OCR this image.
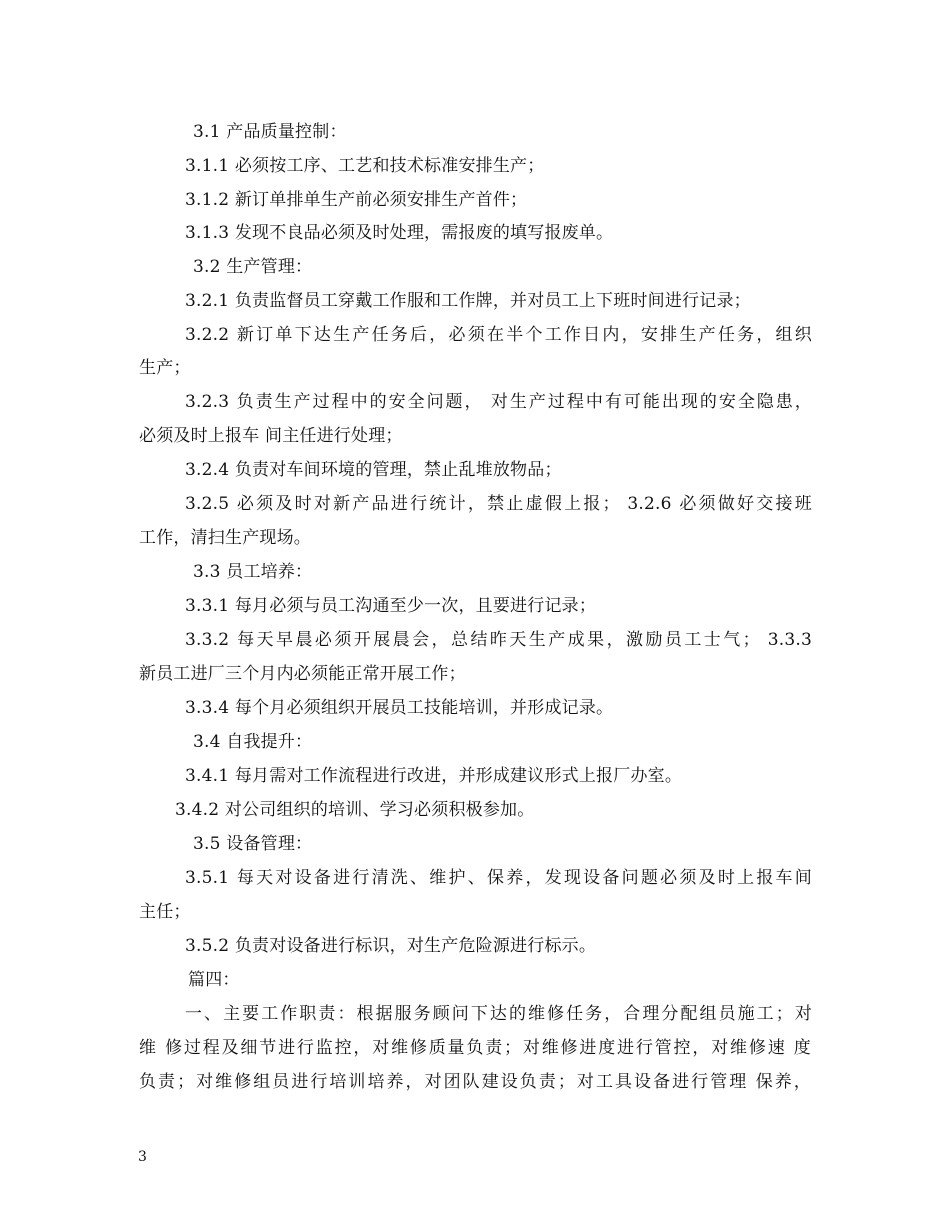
3.1 产品质量控制：
3.1.1 必须按工序、工艺和技术标准安排生产；
3.1.2 新订单排单生产前必须安排生产首件；
3.1.3 发现不良品必须及时处理，需报废的填写报废单。
3.2 生产管理：
3.2.1 负责监督员工穿戴工作服和工作牌，并对员工上下班时间进行记录；
3.2.2 新订单下达生产任务后，必须在半个工作日内，安排生产任务，组织
生产；
3.2.3 负责生产过程中的安全问题， 对生产过程中有可能出现的安全隐患，
必须及时上报车 间主任进行处理；
3.2.4 负责对车间环境的管理，禁止乱堆放物品；
3.2.5 必须及时对新产品进行统计，禁止虚假上报； 3.2.6 必须做好交接班
工作，清扫生产现场。
3.3 员工培养：
3.3.1 每月必须与员工沟通至少一次，且要进行记录；
3.3.2 每天早晨必须开展晨会，总结昨天生产成果，激励员工士气； 3.3.3
新员工进厂三个月内必须能正常开展工作；
3.3.4 每个月必须组织开展员工技能培训，并形成记录。
3.4 自我提升：
3.4.1 每月需对工作流程进行改进，并形成建议形式上报厂办室。
3.4.2 对公司组织的培训、学习必须积极参加。
3.5 设备管理：
3.5.1 每天对设备进行清洗、维护、保养，发现设备问题必须及时上报车间
主任；
3.5.2 负责对设备进行标识，对生产危险源进行标示。
篇四：
一、主要工作职责：根据服务顾问下达的维修任务，合理分配组员施工；对
维 修过程及细节进行监控，对维修质量负责；对维修进度进行管控，对维修速 度
负责；对维修组员进行培训培养，对团队建设负责；对工具设备进行管理 保养，
3
